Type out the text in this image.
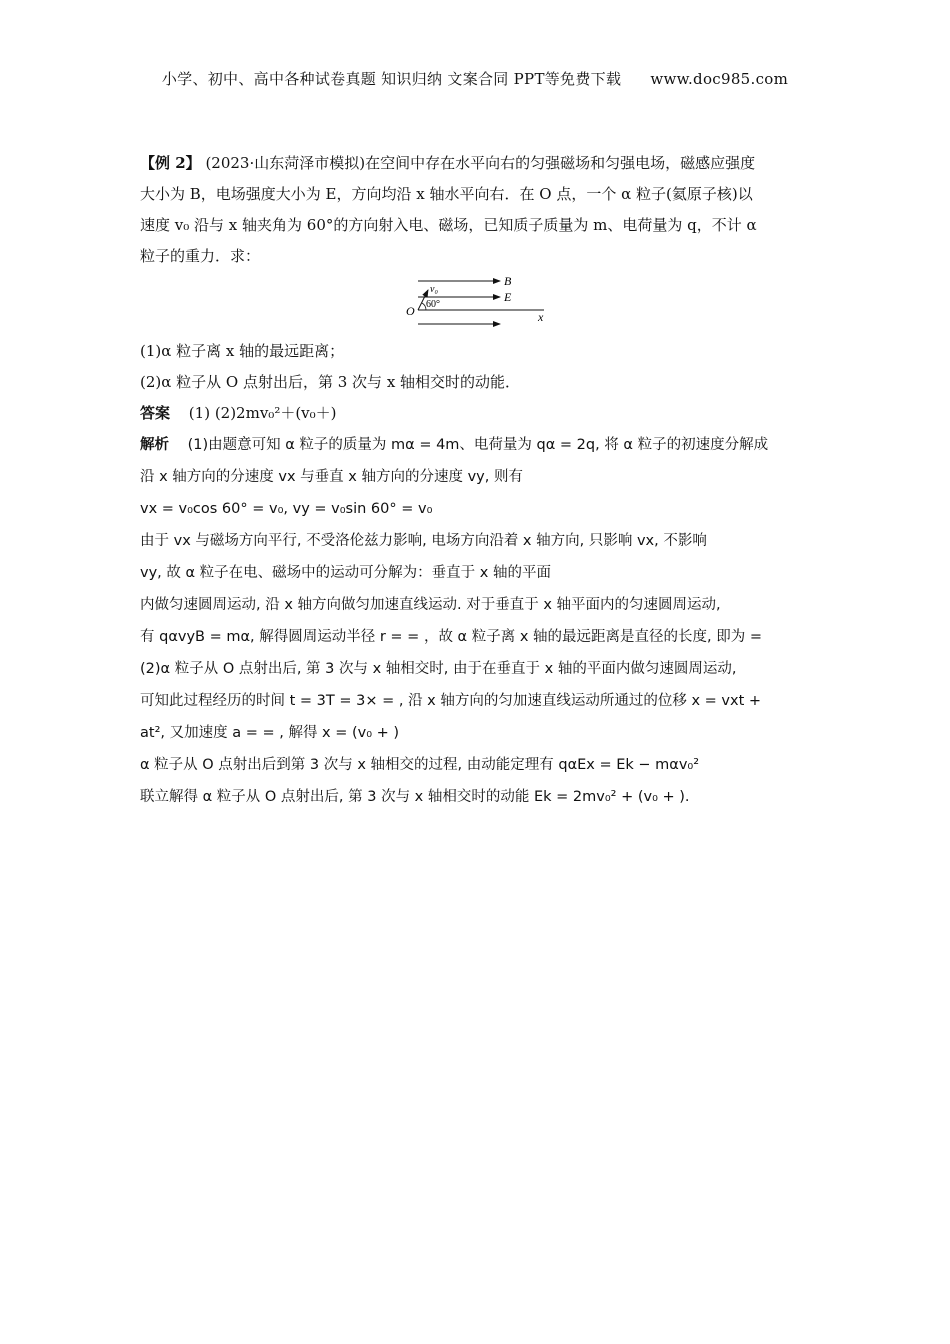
小学、初中、高中各种试卷真题 知识归纳 文案合同 PPT等免费下载 www.doc985.com
【例 2】 (2023·山东菏泽市模拟)在空间中存在水平向右的匀强磁场和匀强电场，磁感应强度
大小为 B，电场强度大小为 E，方向均沿 x 轴水平向右．在 O 点，一个 α 粒子(氦原子核)以
速度 v₀ 沿与 x 轴夹角为 60°的方向射入电、磁场，已知质子质量为 m、电荷量为 q，不计 α
粒子的重力．求：
B
E
v₀
60°
O	x
(1)α 粒子离 x 轴的最远距离；
(2)α 粒子从 O 点射出后，第 3 次与 x 轴相交时的动能．
答案 (1) (2)2mv₀²＋(v₀＋)
解析 (1)由题意可知 α 粒子的质量为 mα = 4m、电荷量为 qα = 2q, 将 α 粒子的初速度分解成
沿 x 轴方向的分速度 vx 与垂直 x 轴方向的分速度 vy, 则有
vx = v₀cos 60° = v₀, vy = v₀sin 60° = v₀
由于 vx 与磁场方向平行, 不受洛伦兹力影响, 电场方向沿着 x 轴方向, 只影响 vx, 不影响
vy, 故 α 粒子在电、磁场中的运动可分解为：垂直于 x 轴的平面
内做匀速圆周运动, 沿 x 轴方向做匀加速直线运动. 对于垂直于 x 轴平面内的匀速圆周运动,
有 qαvyB = mα, 解得圆周运动半径 r = = ，故 α 粒子离 x 轴的最远距离是直径的长度, 即为 =
(2)α 粒子从 O 点射出后, 第 3 次与 x 轴相交时, 由于在垂直于 x 轴的平面内做匀速圆周运动,
可知此过程经历的时间 t = 3T = 3× = , 沿 x 轴方向的匀加速直线运动所通过的位移 x = vxt +
at², 又加速度 a = = , 解得 x = (v₀ + )
α 粒子从 O 点射出后到第 3 次与 x 轴相交的过程, 由动能定理有 qαEx = Ek − mαv₀²
联立解得 α 粒子从 O 点射出后, 第 3 次与 x 轴相交时的动能 Ek = 2mv₀² + (v₀ + ).
